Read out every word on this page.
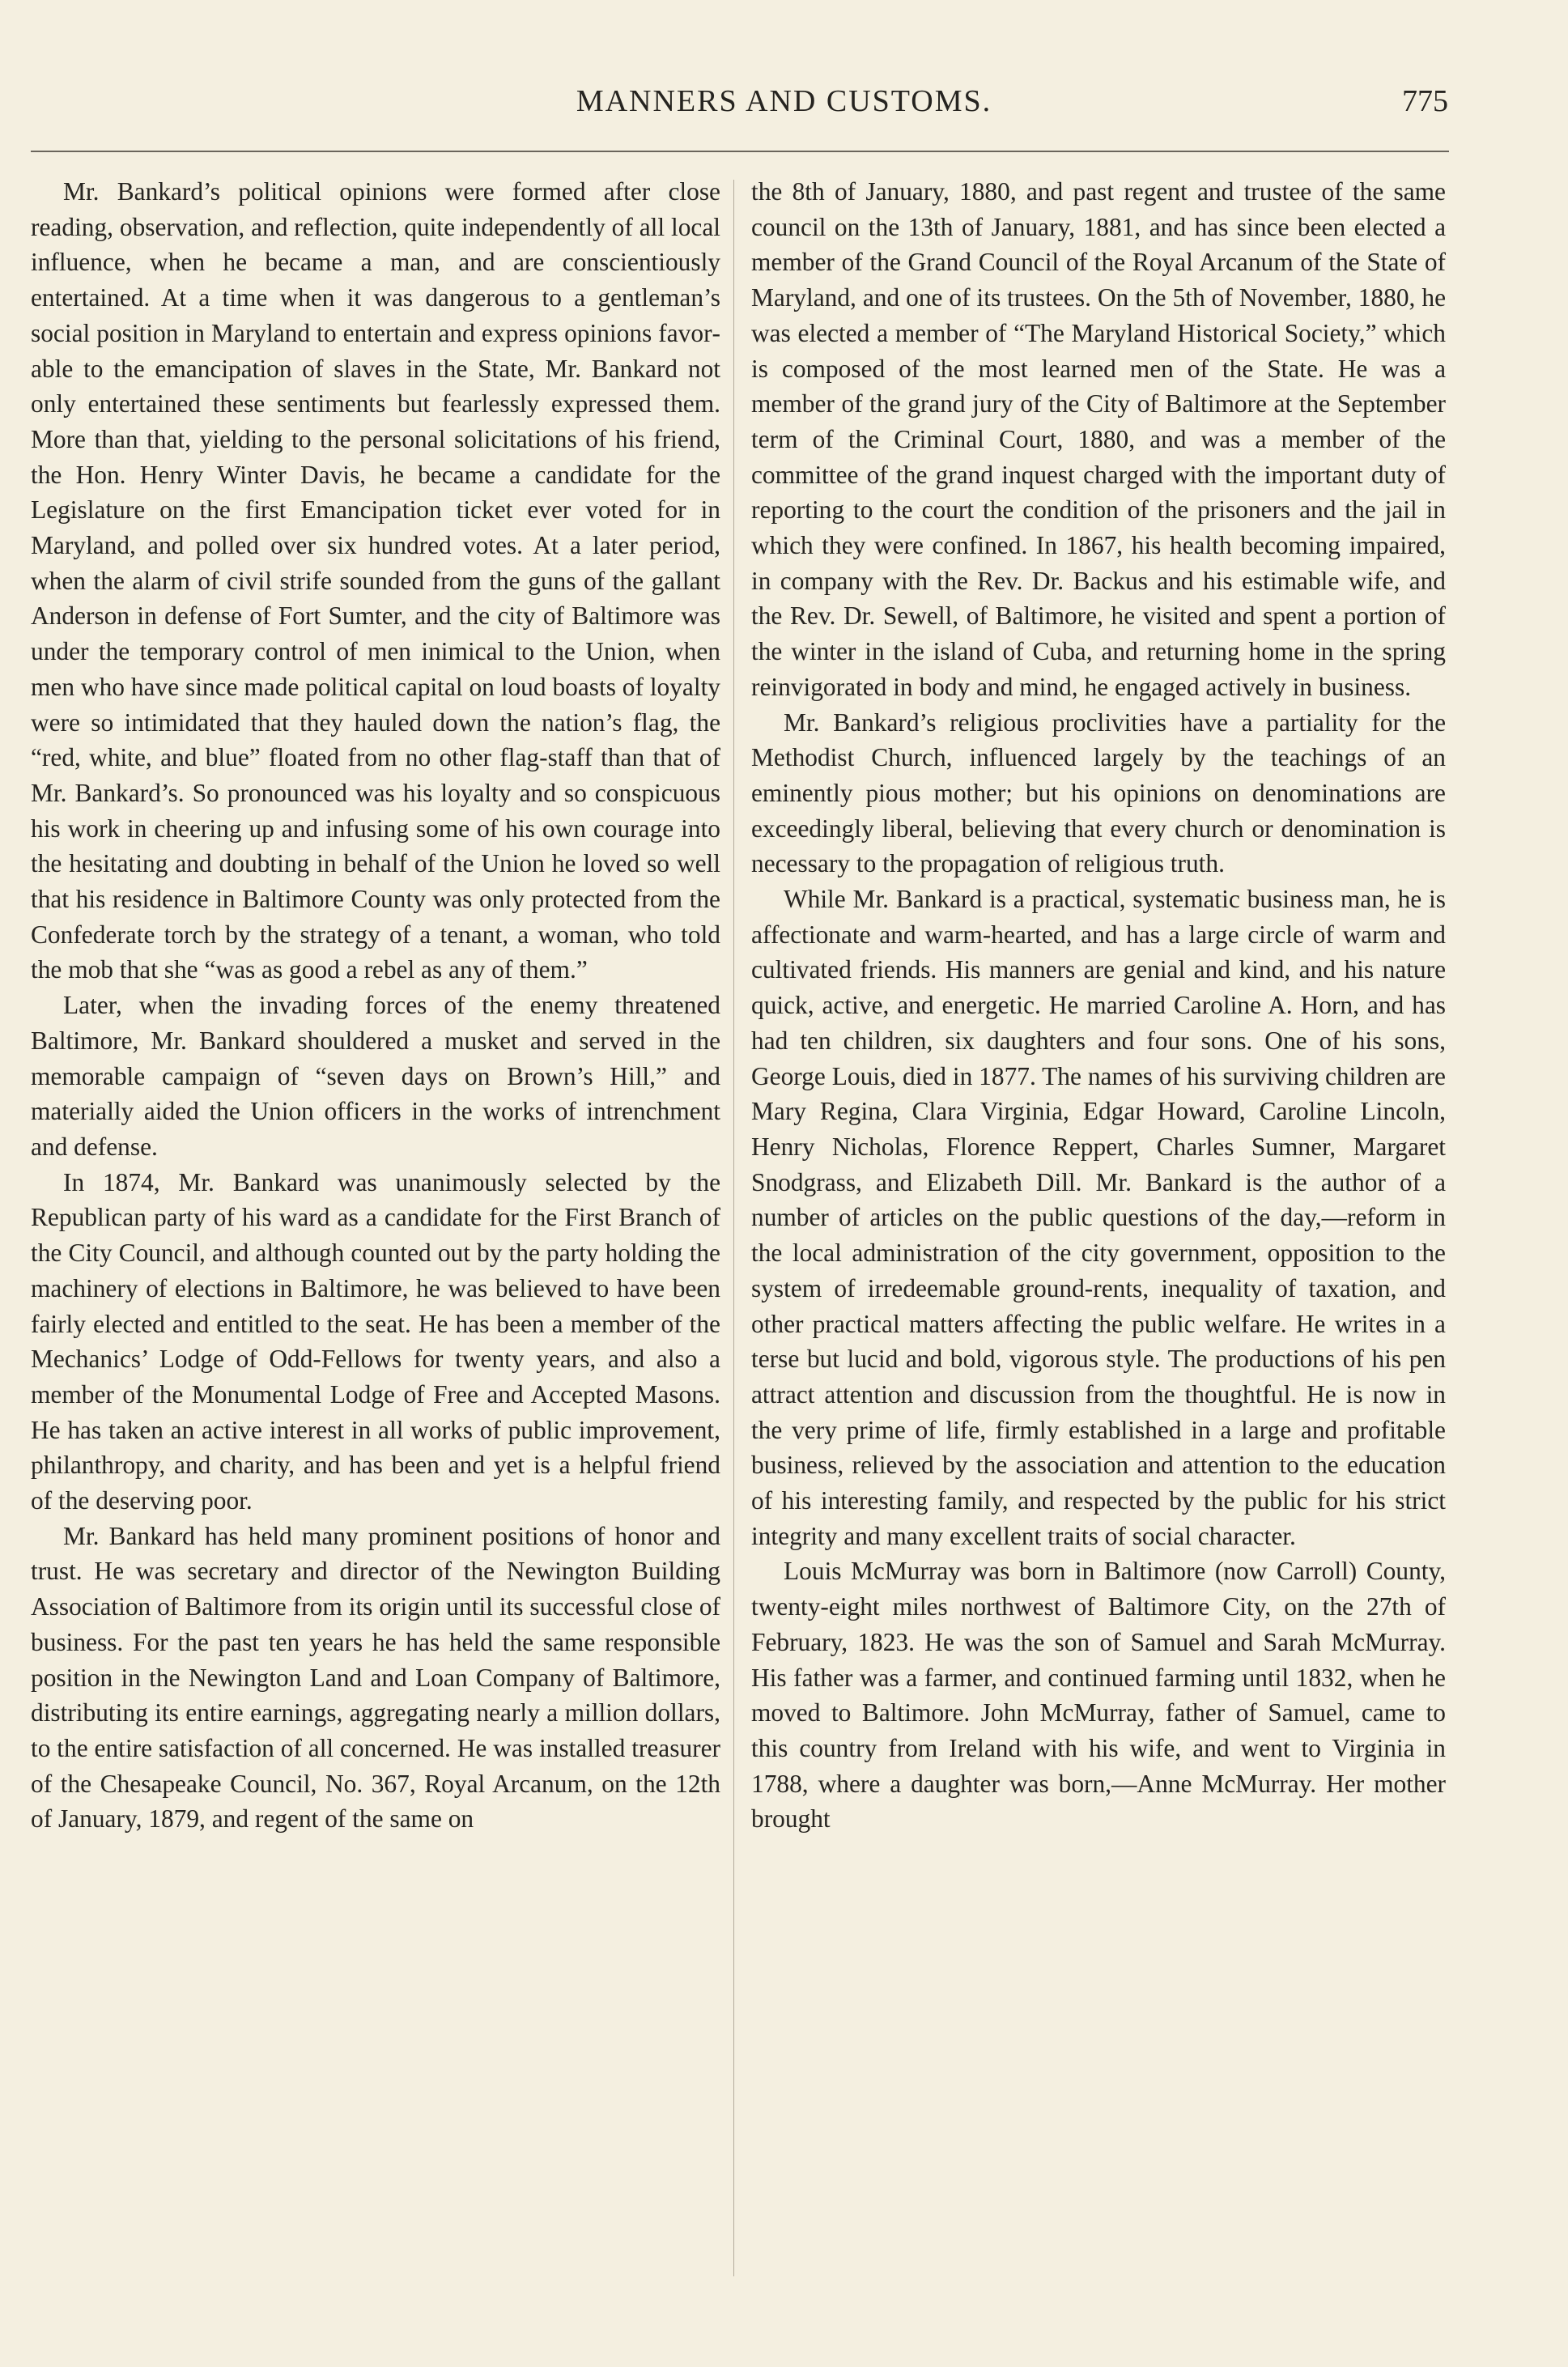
MANNERS AND CUSTOMS.	775

Mr. Bankard’s political opinions were formed after close reading, observation, and reflection, quite independently of all local influence, when he became a man, and are conscientiously entertained. At a time when it was dangerous to a gentleman’s social position in Maryland to entertain and express opinions favorable to the emancipation of slaves in the State, Mr. Bankard not only entertained these sentiments but fearlessly expressed them. More than that, yielding to the personal solicitations of his friend, the Hon. Henry Winter Davis, he became a candidate for the Legislature on the first Emancipation ticket ever voted for in Maryland, and polled over six hundred votes. At a later period, when the alarm of civil strife sounded from the guns of the gallant Anderson in defense of Fort Sumter, and the city of Baltimore was under the temporary control of men inimical to the Union, when men who have since made political capital on loud boasts of loyalty were so intimidated that they hauled down the nation’s flag, the “red, white, and blue” floated from no other flag-staff than that of Mr. Bankard’s. So pronounced was his loyalty and so conspicuous his work in cheering up and infusing some of his own courage into the hesitating and doubting in behalf of the Union he loved so well that his residence in Baltimore County was only protected from the Confederate torch by the strategy of a tenant, a woman, who told the mob that she “was as good a rebel as any of them.”

Later, when the invading forces of the enemy threatened Baltimore, Mr. Bankard shouldered a musket and served in the memorable campaign of “seven days on Brown’s Hill,” and materially aided the Union officers in the works of intrenchment and defense.

In 1874, Mr. Bankard was unanimously selected by the Republican party of his ward as a candidate for the First Branch of the City Council, and although counted out by the party holding the machinery of elections in Baltimore, he was believed to have been fairly elected and entitled to the seat. He has been a member of the Mechanics’ Lodge of Odd-Fellows for twenty years, and also a member of the Monumental Lodge of Free and Accepted Masons. He has taken an active interest in all works of public improvement, philanthropy, and charity, and has been and yet is a helpful friend of the deserving poor.

Mr. Bankard has held many prominent positions of honor and trust. He was secretary and director of the Newington Building Association of Baltimore from its origin until its successful close of business. For the past ten years he has held the same responsible position in the Newington Land and Loan Company of Baltimore, distributing its entire earnings, aggregating nearly a million dollars, to the entire satisfaction of all concerned. He was installed treasurer of the Chesapeake Council, No. 367, Royal Arcanum, on the 12th of January, 1879, and regent of the same on

the 8th of January, 1880, and past regent and trustee of the same council on the 13th of January, 1881, and has since been elected a member of the Grand Council of the Royal Arcanum of the State of Maryland, and one of its trustees. On the 5th of November, 1880, he was elected a member of “The Maryland Historical Society,” which is composed of the most learned men of the State. He was a member of the grand jury of the City of Baltimore at the September term of the Criminal Court, 1880, and was a member of the committee of the grand inquest charged with the important duty of reporting to the court the condition of the prisoners and the jail in which they were confined. In 1867, his health becoming impaired, in company with the Rev. Dr. Backus and his estimable wife, and the Rev. Dr. Sewell, of Baltimore, he visited and spent a portion of the winter in the island of Cuba, and returning home in the spring reinvigorated in body and mind, he engaged actively in business.

Mr. Bankard’s religious proclivities have a partiality for the Methodist Church, influenced largely by the teachings of an eminently pious mother; but his opinions on denominations are exceedingly liberal, believing that every church or denomination is necessary to the propagation of religious truth.

While Mr. Bankard is a practical, systematic business man, he is affectionate and warm-hearted, and has a large circle of warm and cultivated friends. His manners are genial and kind, and his nature quick, active, and energetic. He married Caroline A. Horn, and has had ten children, six daughters and four sons. One of his sons, George Louis, died in 1877. The names of his surviving children are Mary Regina, Clara Virginia, Edgar Howard, Caroline Lincoln, Henry Nicholas, Florence Reppert, Charles Sumner, Margaret Snodgrass, and Elizabeth Dill. Mr. Bankard is the author of a number of articles on the public questions of the day,—reform in the local administration of the city government, opposition to the system of irredeemable ground-rents, inequality of taxation, and other practical matters affecting the public welfare. He writes in a terse but lucid and bold, vigorous style. The productions of his pen attract attention and discussion from the thoughtful. He is now in the very prime of life, firmly established in a large and profitable business, relieved by the association and attention to the education of his interesting family, and respected by the public for his strict integrity and many excellent traits of social character.

Louis McMurray was born in Baltimore (now Carroll) County, twenty-eight miles northwest of Baltimore City, on the 27th of February, 1823. He was the son of Samuel and Sarah McMurray. His father was a farmer, and continued farming until 1832, when he moved to Baltimore. John McMurray, father of Samuel, came to this country from Ireland with his wife, and went to Virginia in 1788, where a daughter was born,—Anne McMurray. Her mother brought
